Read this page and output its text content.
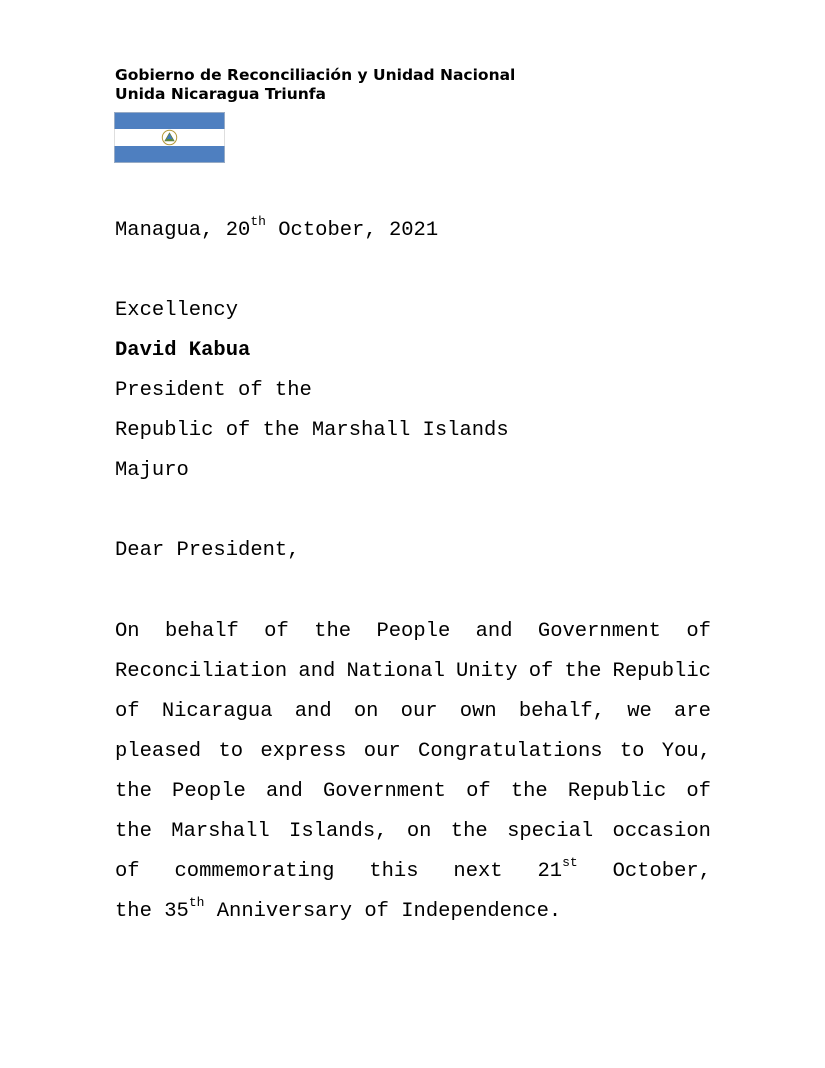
Gobierno de Reconciliación y Unidad Nacional
Unida Nicaragua Triunfa
Managua, 20th October, 2021
Excellency
David Kabua
President of the
Republic of the Marshall Islands
Majuro
Dear President,
On behalf of the People and Government of
Reconciliation and National Unity of the Republic
of Nicaragua and on our own behalf, we are
pleased to express our Congratulations to You,
the People and Government of the Republic of
the Marshall Islands, on the special occasion
of commemorating this next 21st October,
the 35th Anniversary of Independence.
